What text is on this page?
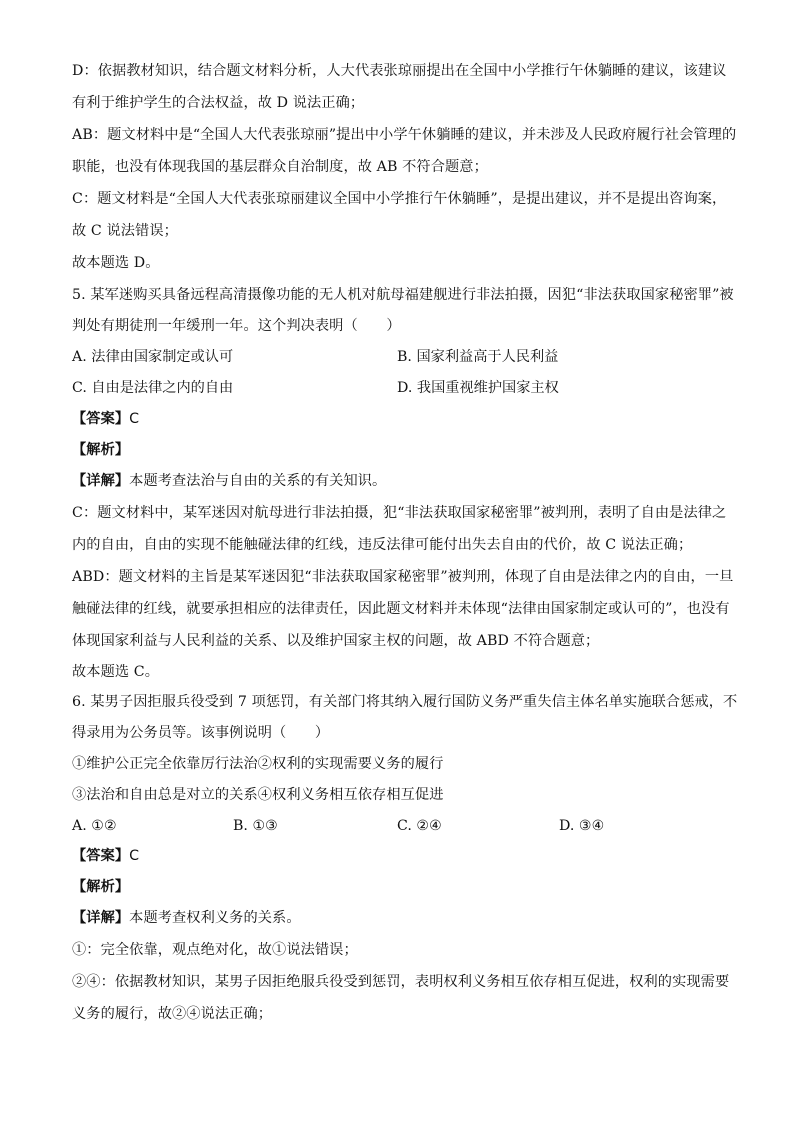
D：依据教材知识，结合题文材料分析，人大代表张琼丽提出在全国中小学推行午休躺睡的建议，该建议
有利于维护学生的合法权益，故 D 说法正确；
AB：题文材料中是“全国人大代表张琼丽”提出中小学午休躺睡的建议，并未涉及人民政府履行社会管理的
职能，也没有体现我国的基层群众自治制度，故 AB 不符合题意；
C：题文材料是“全国人大代表张琼丽建议全国中小学推行午休躺睡”，是提出建议，并不是提出咨询案，
故 C 说法错误；
故本题选 D。
5. 某军迷购买具备远程高清摄像功能的无人机对航母福建舰进行非法拍摄，因犯“非法获取国家秘密罪”被
判处有期徒刑一年缓刑一年。这个判决表明（　　）
A. 法律由国家制定或认可	B. 国家利益高于人民利益
C. 自由是法律之内的自由	D. 我国重视维护国家主权
【答案】C
【解析】
【详解】本题考查法治与自由的关系的有关知识。
C：题文材料中，某军迷因对航母进行非法拍摄，犯“非法获取国家秘密罪”被判刑，表明了自由是法律之
内的自由，自由的实现不能触碰法律的红线，违反法律可能付出失去自由的代价，故 C 说法正确；
ABD：题文材料的主旨是某军迷因犯“非法获取国家秘密罪”被判刑，体现了自由是法律之内的自由，一旦
触碰法律的红线，就要承担相应的法律责任，因此题文材料并未体现“法律由国家制定或认可的”，也没有
体现国家利益与人民利益的关系、以及维护国家主权的问题，故 ABD 不符合题意；
故本题选 C。
6. 某男子因拒服兵役受到 7 项惩罚，有关部门将其纳入履行国防义务严重失信主体名单实施联合惩戒，不
得录用为公务员等。该事例说明（　　）
①维护公正完全依靠厉行法治②权利的实现需要义务的履行
③法治和自由总是对立的关系④权利义务相互依存相互促进
A. ①②	B. ①③	C. ②④	D. ③④
【答案】C
【解析】
【详解】本题考查权利义务的关系。
①：完全依靠，观点绝对化，故①说法错误；
②④：依据教材知识，某男子因拒绝服兵役受到惩罚，表明权利义务相互依存相互促进，权利的实现需要
义务的履行，故②④说法正确；
